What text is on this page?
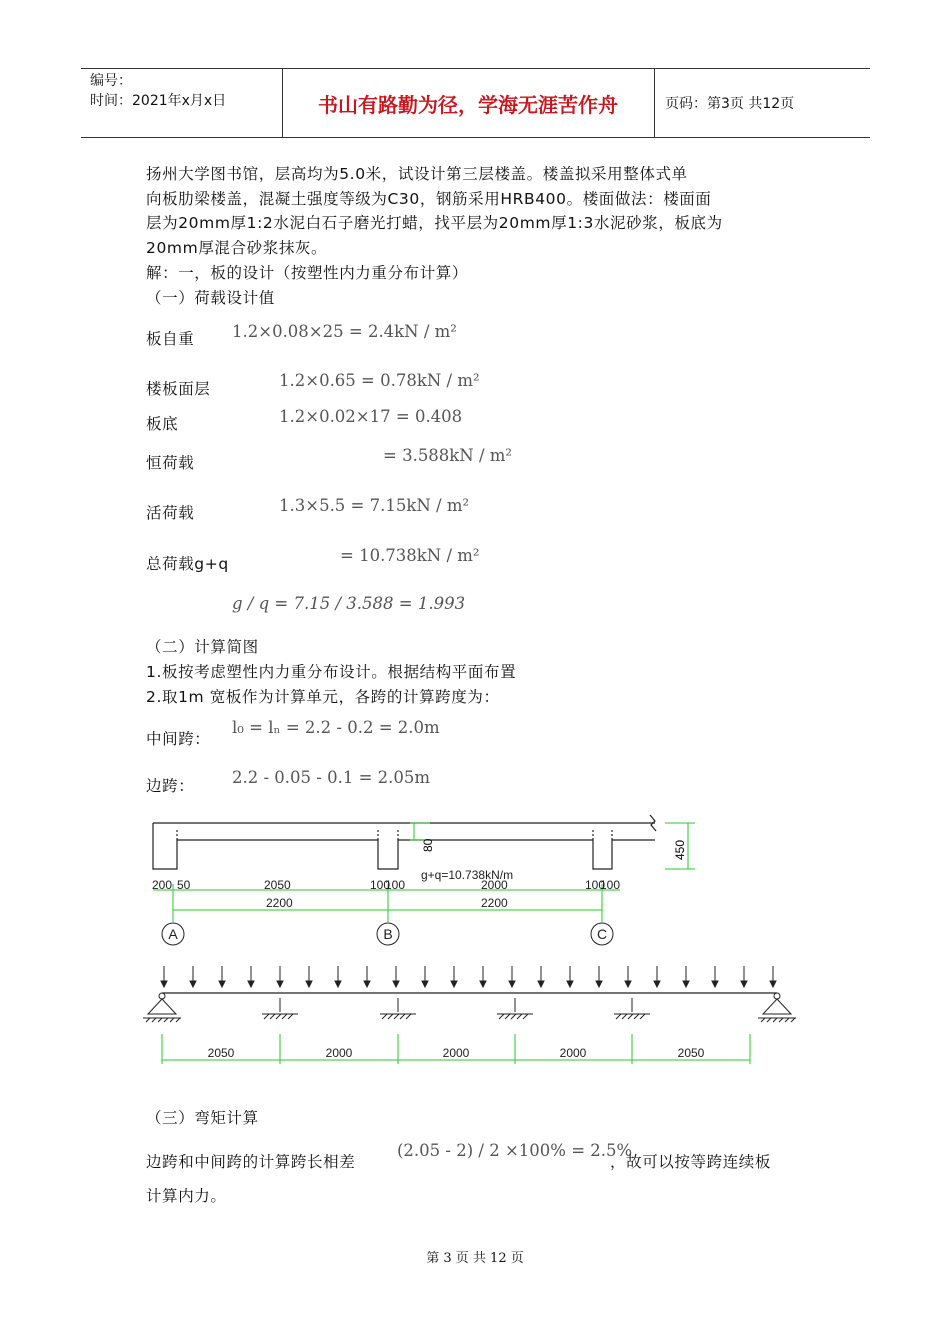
编号：
时间：2021年x月x日	书山有路勤为径，学海无涯苦作舟	页码：第3页 共12页
扬州大学图书馆，层高均为5.0米，试设计第三层楼盖。楼盖拟采用整体式单
向板肋梁楼盖，混凝土强度等级为C30，钢筋采用HRB400。楼面做法：楼面面
层为20mm厚1:2水泥白石子磨光打蜡，找平层为20mm厚1:3水泥砂浆，板底为
20mm厚混合砂浆抹灰。
解：一，板的设计（按塑性内力重分布计算）
（一）荷载设计值
板自重 1.2×0.08×25 = 2.4kN / m²
楼板面层	1.2×0.65 = 0.78kN / m²
板底	1.2×0.02×17 = 0.408
恒荷载	= 3.588kN / m²
活荷载	1.3×5.5 = 7.15kN / m²
总荷载g+q	= 10.738kN / m²
g / q = 7.15 / 3.588 = 1.993
（二）计算简图
1.板按考虑塑性内力重分布设计。根据结构平面布置
2.取1m 宽板作为计算单元，各跨的计算跨度为：
中间跨：
l₀ = lₙ = 2.2 - 0.2 = 2.0m
边跨： 2.2 - 0.05 - 0.1 = 2.05m
80	450
g+q=10.738kN/m
200 50	2050	100
100	2000	100
100
2200	2200
A	B	C
2050	2000	2000	2000	2050
（三）弯矩计算
边跨和中间跨的计算跨长相差
(2.05 - 2) / 2 ×100% = 2.5%
，故可以按等跨连续板
计算内力。
第 3 页 共 12 页
